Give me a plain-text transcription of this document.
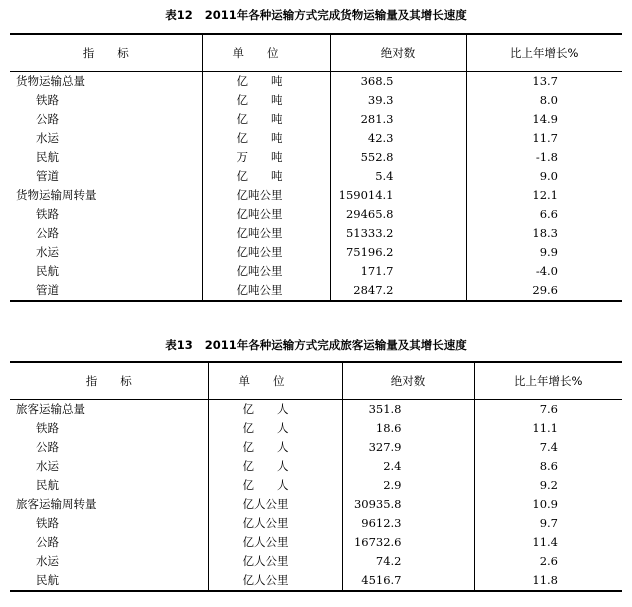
表12 2011年各种运输方式完成货物运输量及其增长速度
指　　标	单　　位	绝对数	比上年增长%
货物运输总量	亿　　吨	368.5	13.7
铁路	亿　　吨	39.3	8.0
公路	亿　　吨	281.3	14.9
水运	亿　　吨	42.3	11.7
民航	万　　吨	552.8	-1.8
管道	亿　　吨	5.4	9.0
货物运输周转量	亿吨公里	159014.1	12.1
铁路	亿吨公里	29465.8	6.6
公路	亿吨公里	51333.2	18.3
水运	亿吨公里	75196.2	9.9
民航	亿吨公里	171.7	-4.0
管道	亿吨公里	2847.2	29.6
表13 2011年各种运输方式完成旅客运输量及其增长速度
指　　标	单　　位	绝对数	比上年增长%
旅客运输总量	亿　　人	351.8	7.6
铁路	亿　　人	18.6	11.1
公路	亿　　人	327.9	7.4
水运	亿　　人	2.4	8.6
民航	亿　　人	2.9	9.2
旅客运输周转量	亿人公里	30935.8	10.9
铁路	亿人公里	9612.3	9.7
公路	亿人公里	16732.6	11.4
水运	亿人公里	74.2	2.6
民航	亿人公里	4516.7	11.8
